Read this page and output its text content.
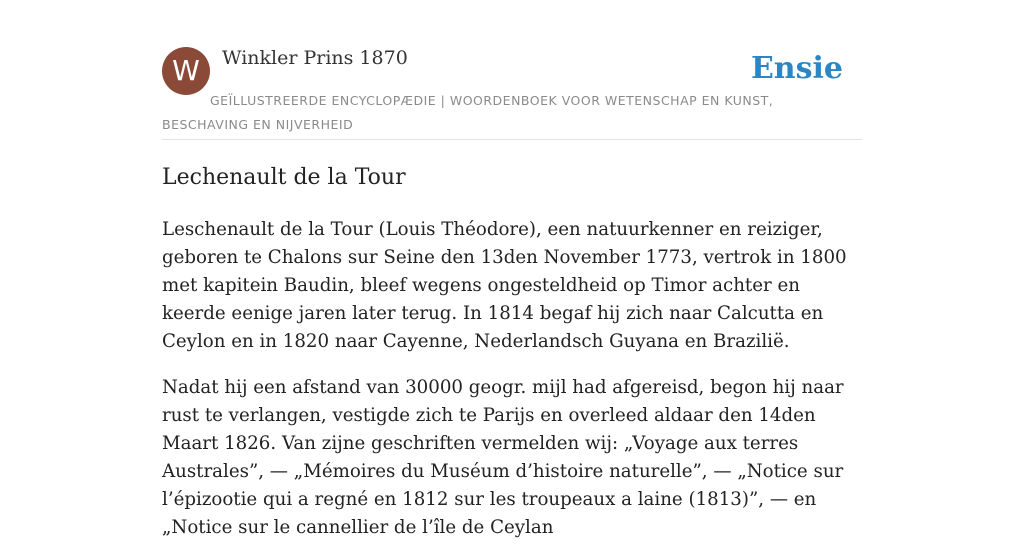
W	Winkler Prins 1870	Ensie

GEÏLLUSTREERDE ENCYCLOPÆDIE | WOORDENBOEK VOOR WETENSCHAP EN KUNST, BESCHAVING EN NIJVERHEID

Lechenault de la Tour

Leschenault de la Tour (Louis Théodore), een natuurkenner en reiziger, geboren te Chalons sur Seine den 13den November 1773, vertrok in 1800 met kapitein Baudin, bleef wegens ongesteldheid op Timor achter en keerde eenige jaren later terug. In 1814 begaf hij zich naar Calcutta en Ceylon en in 1820 naar Cayenne, Nederlandsch Guyana en Brazilië.

Nadat hij een afstand van 30000 geogr. mijl had afgereisd, begon hij naar rust te verlangen, vestigde zich te Parijs en overleed aldaar den 14den Maart 1826. Van zijne geschriften vermelden wij: „Voyage aux terres Australes”, — „Mémoires du Muséum d’histoire naturelle”, — „Notice sur l’épizootie qui a regné en 1812 sur les troupeaux a laine (1813)”, — en „Notice sur le cannellier de l’île de Ceylan
